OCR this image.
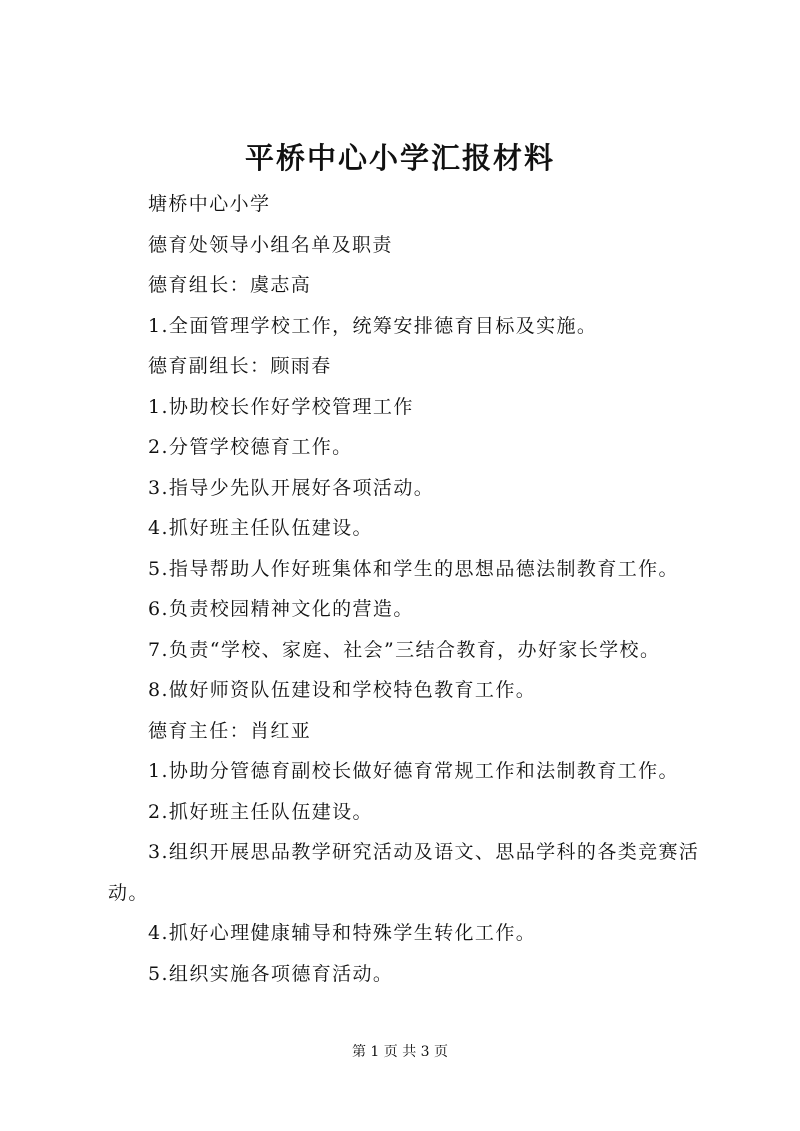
平桥中心小学汇报材料
塘桥中心小学
德育处领导小组名单及职责
德育组长：虞志高
1.全面管理学校工作，统筹安排德育目标及实施。
德育副组长：顾雨春
1.协助校长作好学校管理工作
2.分管学校德育工作。
3.指导少先队开展好各项活动。
4.抓好班主任队伍建设。
5.指导帮助人作好班集体和学生的思想品德法制教育工作。
6.负责校园精神文化的营造。
7.负责“学校、家庭、社会”三结合教育，办好家长学校。
8.做好师资队伍建设和学校特色教育工作。
德育主任：肖红亚
1.协助分管德育副校长做好德育常规工作和法制教育工作。
2.抓好班主任队伍建设。
3.组织开展思品教学研究活动及语文、思品学科的各类竞赛活动。
4.抓好心理健康辅导和特殊学生转化工作。
5.组织实施各项德育活动。
第 1 页 共 3 页
